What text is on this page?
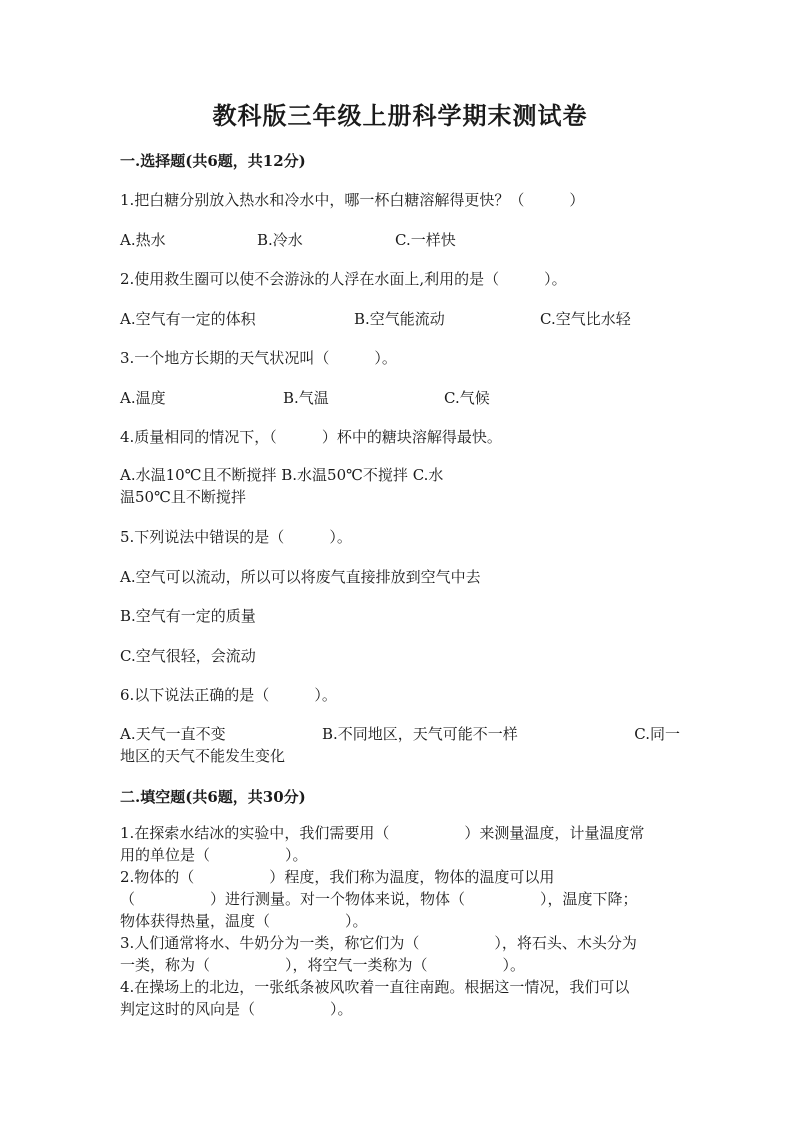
教科版三年级上册科学期末测试卷
一.选择题(共6题，共12分)
1.把白糖分别放入热水和冷水中，哪一杯白糖溶解得更快？（　　　）
A.热水	B.冷水	C.一样快
2.使用救生圈可以使不会游泳的人浮在水面上,利用的是（　　　）。
A.空气有一定的体积	B.空气能流动	C.空气比水轻
3.一个地方长期的天气状况叫（　　　）。
A.温度	B.气温	C.气候
4.质量相同的情况下，（　　　）杯中的糖块溶解得最快。
A.水温10℃且不断搅拌 B.水温50℃不搅拌 C.水
温50℃且不断搅拌
5.下列说法中错误的是（　　　）。
A.空气可以流动，所以可以将废气直接排放到空气中去
B.空气有一定的质量
C.空气很轻，会流动
6.以下说法正确的是（　　　）。
A.天气一直不变	B.不同地区，天气可能不一样	C.同一
地区的天气不能发生变化
二.填空题(共6题，共30分)
1.在探索水结冰的实验中，我们需要用（　　　　　）来测量温度，计量温度常
用的单位是（　　　　　）。
2.物体的（　　　　　）程度，我们称为温度，物体的温度可以用
（　　　　　）进行测量。对一个物体来说，物体（　　　　　），温度下降；
物体获得热量，温度（　　　　　）。
3.人们通常将水、牛奶分为一类，称它们为（　　　　　），将石头、木头分为
一类，称为（　　　　　），将空气一类称为（　　　　　）。
4.在操场上的北边，一张纸条被风吹着一直往南跑。根据这一情况，我们可以
判定这时的风向是（　　　　　）。
